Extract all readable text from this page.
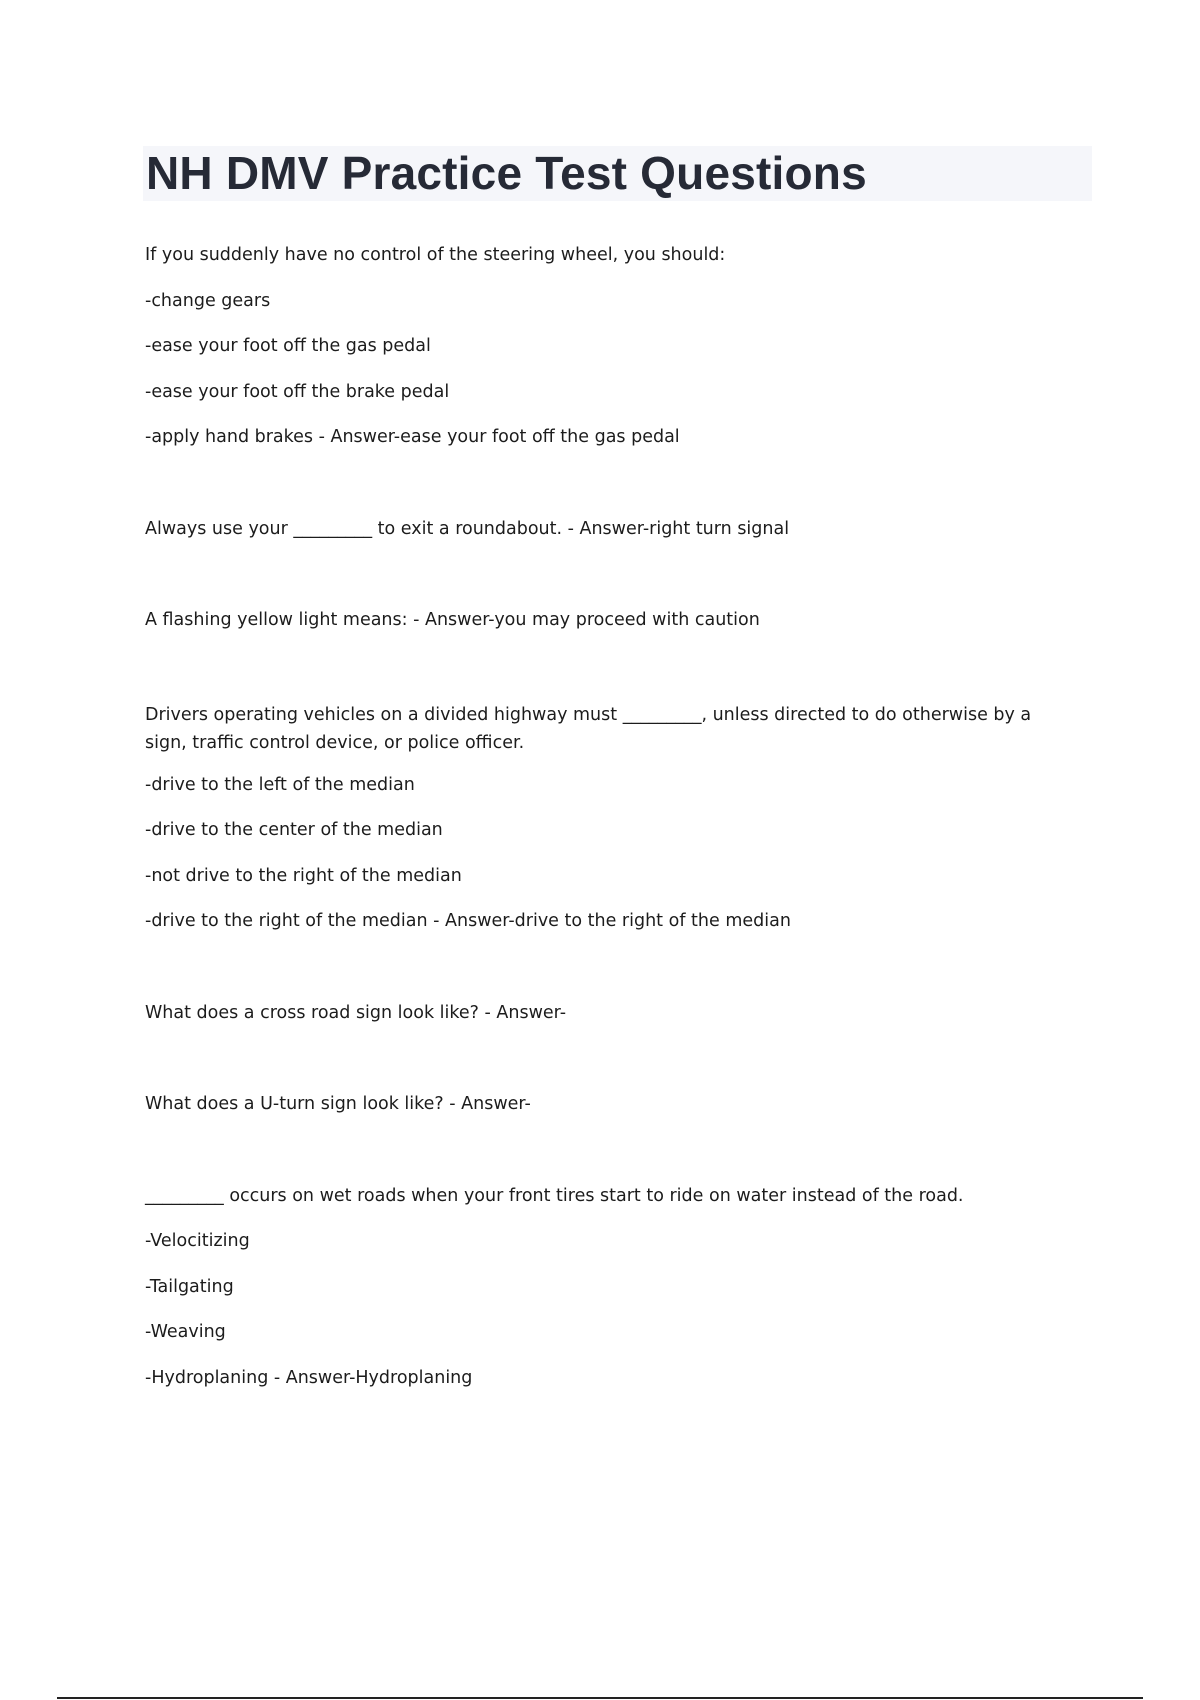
NH DMV Practice Test Questions

If you suddenly have no control of the steering wheel, you should:

-change gears

-ease your foot off the gas pedal

-ease your foot off the brake pedal

-apply hand brakes - Answer-ease your foot off the gas pedal

Always use your _________ to exit a roundabout. - Answer-right turn signal

A flashing yellow light means: - Answer-you may proceed with caution

Drivers operating vehicles on a divided highway must _________, unless directed to do otherwise by a sign, traffic control device, or police officer.

-drive to the left of the median

-drive to the center of the median

-not drive to the right of the median

-drive to the right of the median - Answer-drive to the right of the median

What does a cross road sign look like? - Answer-

What does a U-turn sign look like? - Answer-

_________ occurs on wet roads when your front tires start to ride on water instead of the road.

-Velocitizing

-Tailgating

-Weaving

-Hydroplaning - Answer-Hydroplaning
